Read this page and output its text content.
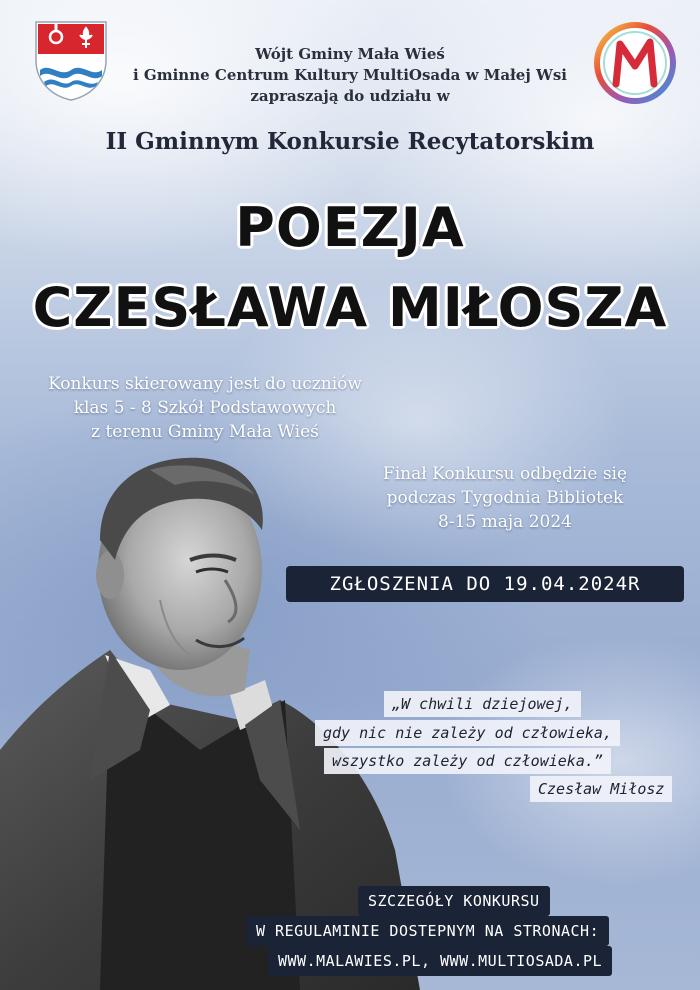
Wójt Gminy Mała Wieś
i Gminne Centrum Kultury MultiOsada w Małej Wsi
zapraszają do udziału w
II Gminnym Konkursie Recytatorskim
POEZJA
CZESŁAWA MIŁOSZA
Konkurs skierowany jest do uczniów
klas 5 - 8 Szkół Podstawowych
z terenu Gminy Mała Wieś
Finał Konkursu odbędzie się
podczas Tygodnia Bibliotek
8-15 maja 2024
ZGŁOSZENIA DO 19.04.2024R
„W chwili dziejowej,
gdy nic nie zależy od człowieka,
wszystko zależy od człowieka.”
Czesław Miłosz
SZCZEGÓŁY KONKURSU
W REGULAMINIE DOSTEPNYM NA STRONACH:
WWW.MALAWIES.PL, WWW.MULTIOSADA.PL
